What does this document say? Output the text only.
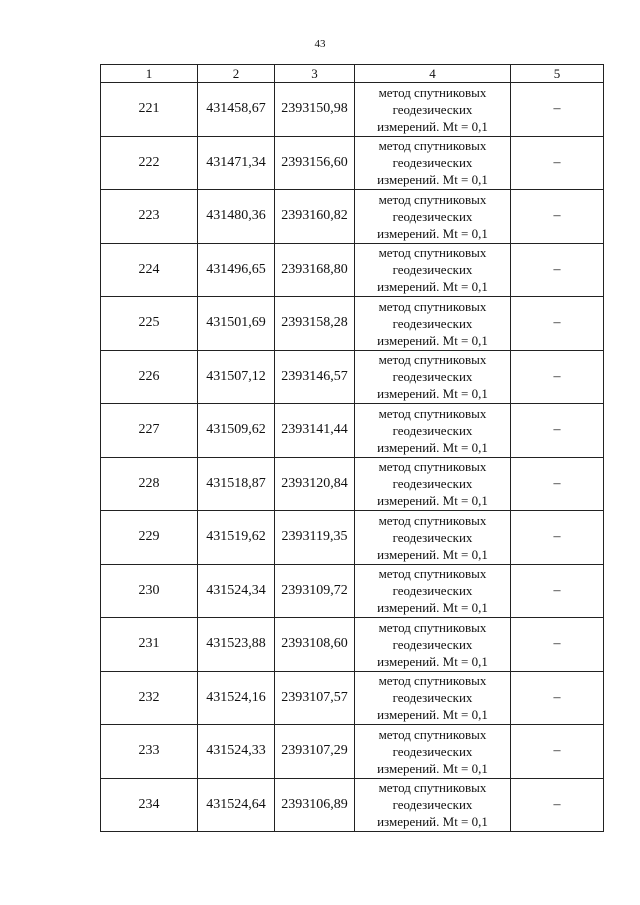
43
1	2	3	4	5
221	431458,67	2393150,98	метод спутниковых
геодезических
измерений. Mt = 0,1	–
222	431471,34	2393156,60	метод спутниковых
геодезических
измерений. Mt = 0,1	–
223	431480,36	2393160,82	метод спутниковых
геодезических
измерений. Mt = 0,1	–
224	431496,65	2393168,80	метод спутниковых
геодезических
измерений. Mt = 0,1	–
225	431501,69	2393158,28	метод спутниковых
геодезических
измерений. Mt = 0,1	–
226	431507,12	2393146,57	метод спутниковых
геодезических
измерений. Mt = 0,1	–
227	431509,62	2393141,44	метод спутниковых
геодезических
измерений. Mt = 0,1	–
228	431518,87	2393120,84	метод спутниковых
геодезических
измерений. Mt = 0,1	–
229	431519,62	2393119,35	метод спутниковых
геодезических
измерений. Mt = 0,1	–
230	431524,34	2393109,72	метод спутниковых
геодезических
измерений. Mt = 0,1	–
231	431523,88	2393108,60	метод спутниковых
геодезических
измерений. Mt = 0,1	–
232	431524,16	2393107,57	метод спутниковых
геодезических
измерений. Mt = 0,1	–
233	431524,33	2393107,29	метод спутниковых
геодезических
измерений. Mt = 0,1	–
234	431524,64	2393106,89	метод спутниковых
геодезических
измерений. Mt = 0,1	–
